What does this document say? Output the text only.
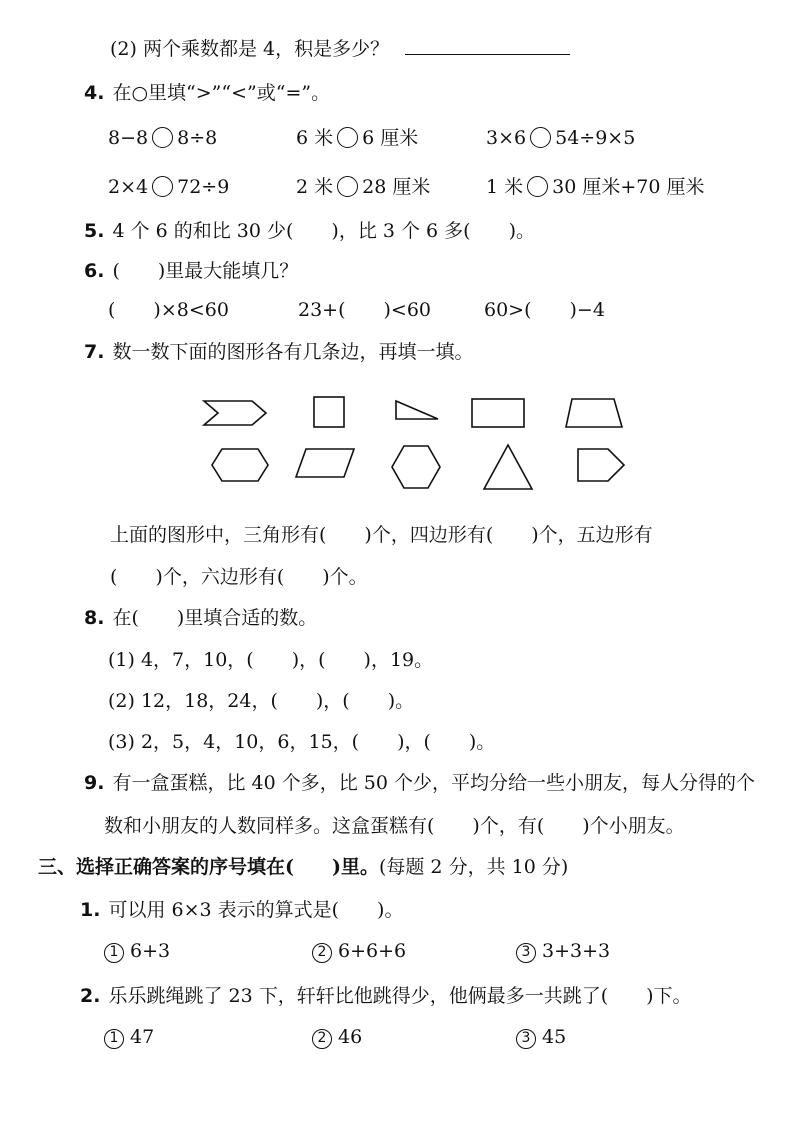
(2) 两个乘数都是 4，积是多少？
4. 在○里填“>”“<”或“=”。
8−8 8÷8	6 米 6 厘米	3×6 54÷9×5
2×4 72÷9	2 米 28 厘米	1 米 30 厘米+70 厘米
5. 4 个 6 的和比 30 少(　　)，比 3 个 6 多(　　)。
6. (　　)里最大能填几？
(　　)×8<60	23+(　　)<60	60>(　　)−4
7. 数一数下面的图形各有几条边，再填一填。
上面的图形中，三角形有(　　)个，四边形有(　　)个，五边形有
(　　)个，六边形有(　　)个。
8. 在(　　)里填合适的数。
(1) 4，7，10，(　　)，(　　)，19。
(2) 12，18，24，(　　)，(　　)。
(3) 2，5，4，10，6，15，(　　)，(　　)。
9. 有一盒蛋糕，比 40 个多，比 50 个少，平均分给一些小朋友，每人分得的个
数和小朋友的人数同样多。这盒蛋糕有(　　)个，有(　　)个小朋友。
三、选择正确答案的序号填在(　　)里。(每题 2 分，共 10 分)
1. 可以用 6×3 表示的算式是(　　)。
1 6+3	2 6+6+6	3 3+3+3
2. 乐乐跳绳跳了 23 下，轩轩比他跳得少，他俩最多一共跳了(　　)下。
1 47	2 46	3 45
